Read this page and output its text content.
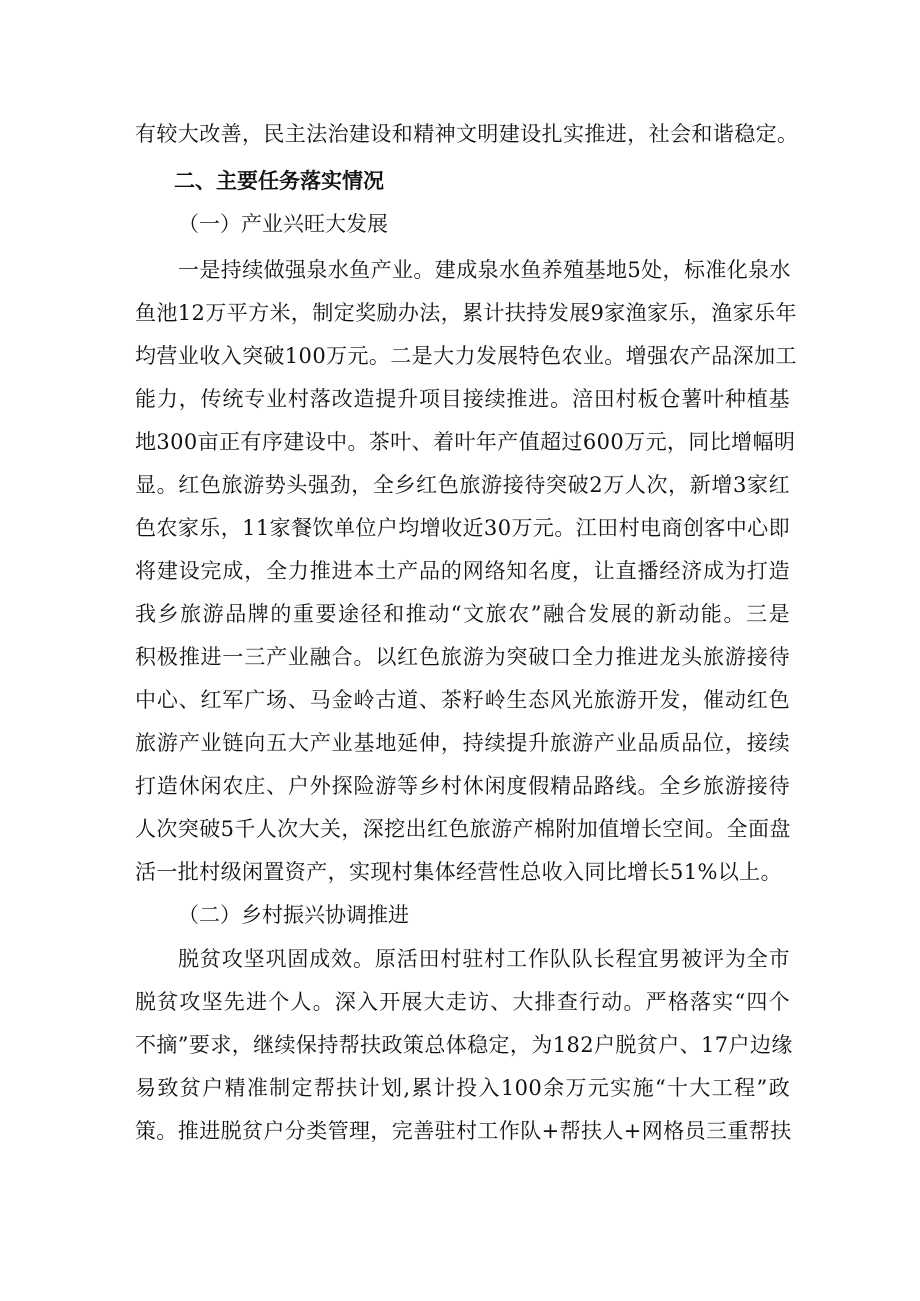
有较大改善，民主法治建设和精神文明建设扎实推进，社会和谐稳定。
二、主要任务落实情况
（一）产业兴旺大发展
一是持续做强泉水鱼产业。建成泉水鱼养殖基地5处，标准化泉水
鱼池12万平方米，制定奖励办法，累计扶持发展9家渔家乐，渔家乐年
均营业收入突破100万元。二是大力发展特色农业。增强农产品深加工
能力，传统专业村落改造提升项目接续推进。涪田村板仓薯叶种植基
地300亩正有序建设中。茶叶、着叶年产值超过600万元，同比增幅明
显。红色旅游势头强劲，全乡红色旅游接待突破2万人次，新增3家红
色农家乐，11家餐饮单位户均增收近30万元。江田村电商创客中心即
将建设完成，全力推进本土产品的网络知名度，让直播经济成为打造
我乡旅游品牌的重要途径和推动“文旅农”融合发展的新动能。三是
积极推进一三产业融合。以红色旅游为突破口全力推进龙头旅游接待
中心、红军广场、马金岭古道、茶籽岭生态风光旅游开发，催动红色
旅游产业链向五大产业基地延伸，持续提升旅游产业品质品位，接续
打造休闲农庄、户外探险游等乡村休闲度假精品路线。全乡旅游接待
人次突破5千人次大关，深挖出红色旅游产棉附加值增长空间。全面盘
活一批村级闲置资产，实现村集体经营性总收入同比增长51%以上。
（二）乡村振兴协调推进
脱贫攻坚巩固成效。原活田村驻村工作队队长程宜男被评为全市
脱贫攻坚先进个人。深入开展大走访、大排查行动。严格落实“四个
不摘”要求，继续保持帮扶政策总体稳定，为182户脱贫户、17户边缘
易致贫户精准制定帮扶计划,累计投入100余万元实施“十大工程”政
策。推进脱贫户分类管理，完善驻村工作队+帮扶人+网格员三重帮扶
